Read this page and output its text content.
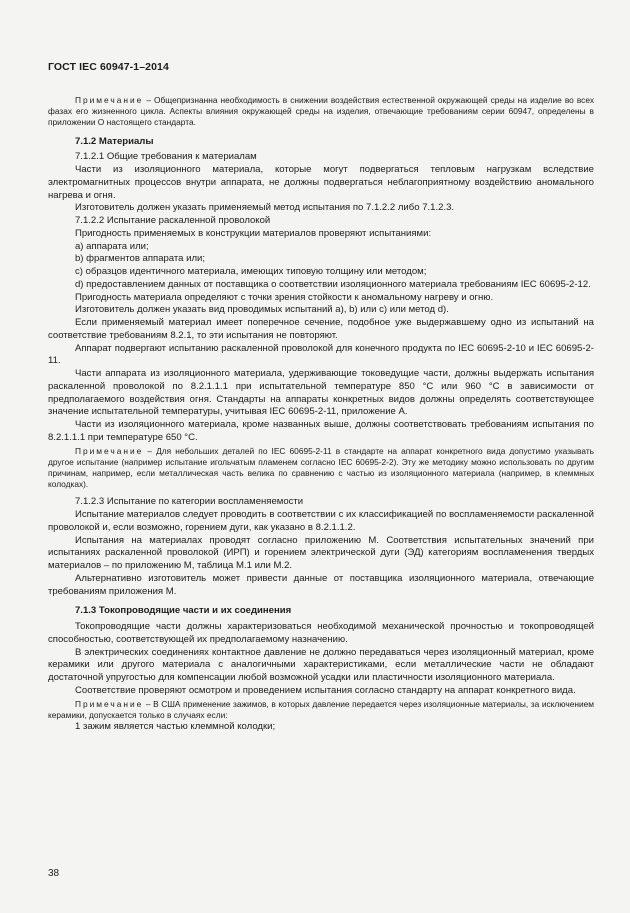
ГОСТ IEC 60947-1–2014

Примечание – Общепризнанна необходимость в снижении воздействия естественной окружающей среды на изделие во всех фазах его жизненного цикла. Аспекты влияния окружающей среды на изделия, отвечающие требованиям серии 60947, определены в приложении O настоящего стандарта.

7.1.2 Материалы

7.1.2.1 Общие требования к материалам

Части из изоляционного материала, которые могут подвергаться тепловым нагрузкам вследствие электромагнитных процессов внутри аппарата, не должны подвергаться неблагоприятному воздействию аномального нагрева и огня.

Изготовитель должен указать применяемый метод испытания по 7.1.2.2 либо 7.1.2.3.

7.1.2.2 Испытание раскаленной проволокой

Пригодность применяемых в конструкции материалов проверяют испытаниями:

a) аппарата или;

b) фрагментов аппарата или;

c) образцов идентичного материала, имеющих типовую толщину или методом;

d) предоставлением данных от поставщика о соответствии изоляционного материала требованиям IEC 60695-2-12.

Пригодность материала определяют с точки зрения стойкости к аномальному нагреву и огню.

Изготовитель должен указать вид проводимых испытаний a), b) или c) или метод d).

Если применяемый материал имеет поперечное сечение, подобное уже выдержавшему одно из испытаний на соответствие требованиям 8.2.1, то эти испытания не повторяют.

Аппарат подвергают испытанию раскаленной проволокой для конечного продукта по IEC 60695-2-10 и IEC 60695-2-11.

Части аппарата из изоляционного материала, удерживающие токоведущие части, должны выдержать испытания раскаленной проволокой по 8.2.1.1.1 при испытательной температуре 850 °С или 960 °С в зависимости от предполагаемого воздействия огня. Стандарты на аппараты конкретных видов должны определять соответствующее значение испытательной температуры, учитывая IEC 60695-2-11, приложение A.

Части из изоляционного материала, кроме названных выше, должны соответствовать требованиям испытания по 8.2.1.1.1 при температуре 650 °С.

Примечание – Для небольших деталей по IEC 60695-2-11 в стандарте на аппарат конкретного вида допустимо указывать другое испытание (например испытание игольчатым пламенем согласно IEC 60695-2-2). Эту же методику можно использовать по другим причинам, например, если металлическая часть велика по сравнению с частью из изоляционного материала (например, в клеммных колодках).

7.1.2.3 Испытание по категории воспламеняемости

Испытание материалов следует проводить в соответствии с их классификацией по воспламеняемости раскаленной проволокой и, если возможно, горением дуги, как указано в 8.2.1.1.2.

Испытания на материалах проводят согласно приложению M. Соответствия испытательных значений при испытаниях раскаленной проволокой (ИРП) и горением электрической дуги (ЭД) категориям воспламенения твердых материалов – по приложению M, таблица M.1 или M.2.

Альтернативно изготовитель может привести данные от поставщика изоляционного материала, отвечающие требованиям приложения M.

7.1.3 Токопроводящие части и их соединения

Токопроводящие части должны характеризоваться необходимой механической прочностью и токопроводящей способностью, соответствующей их предполагаемому назначению.

В электрических соединениях контактное давление не должно передаваться через изоляционный материал, кроме керамики или другого материала с аналогичными характеристиками, если металлические части не обладают достаточной упругостью для компенсации любой возможной усадки или пластичности изоляционного материала.

Соответствие проверяют осмотром и проведением испытания согласно стандарту на аппарат конкретного вида.

Примечание – В США применение зажимов, в которых давление передается через изоляционные материалы, за исключением керамики, допускается только в случаях если:

1 зажим является частью клеммной колодки;

38
